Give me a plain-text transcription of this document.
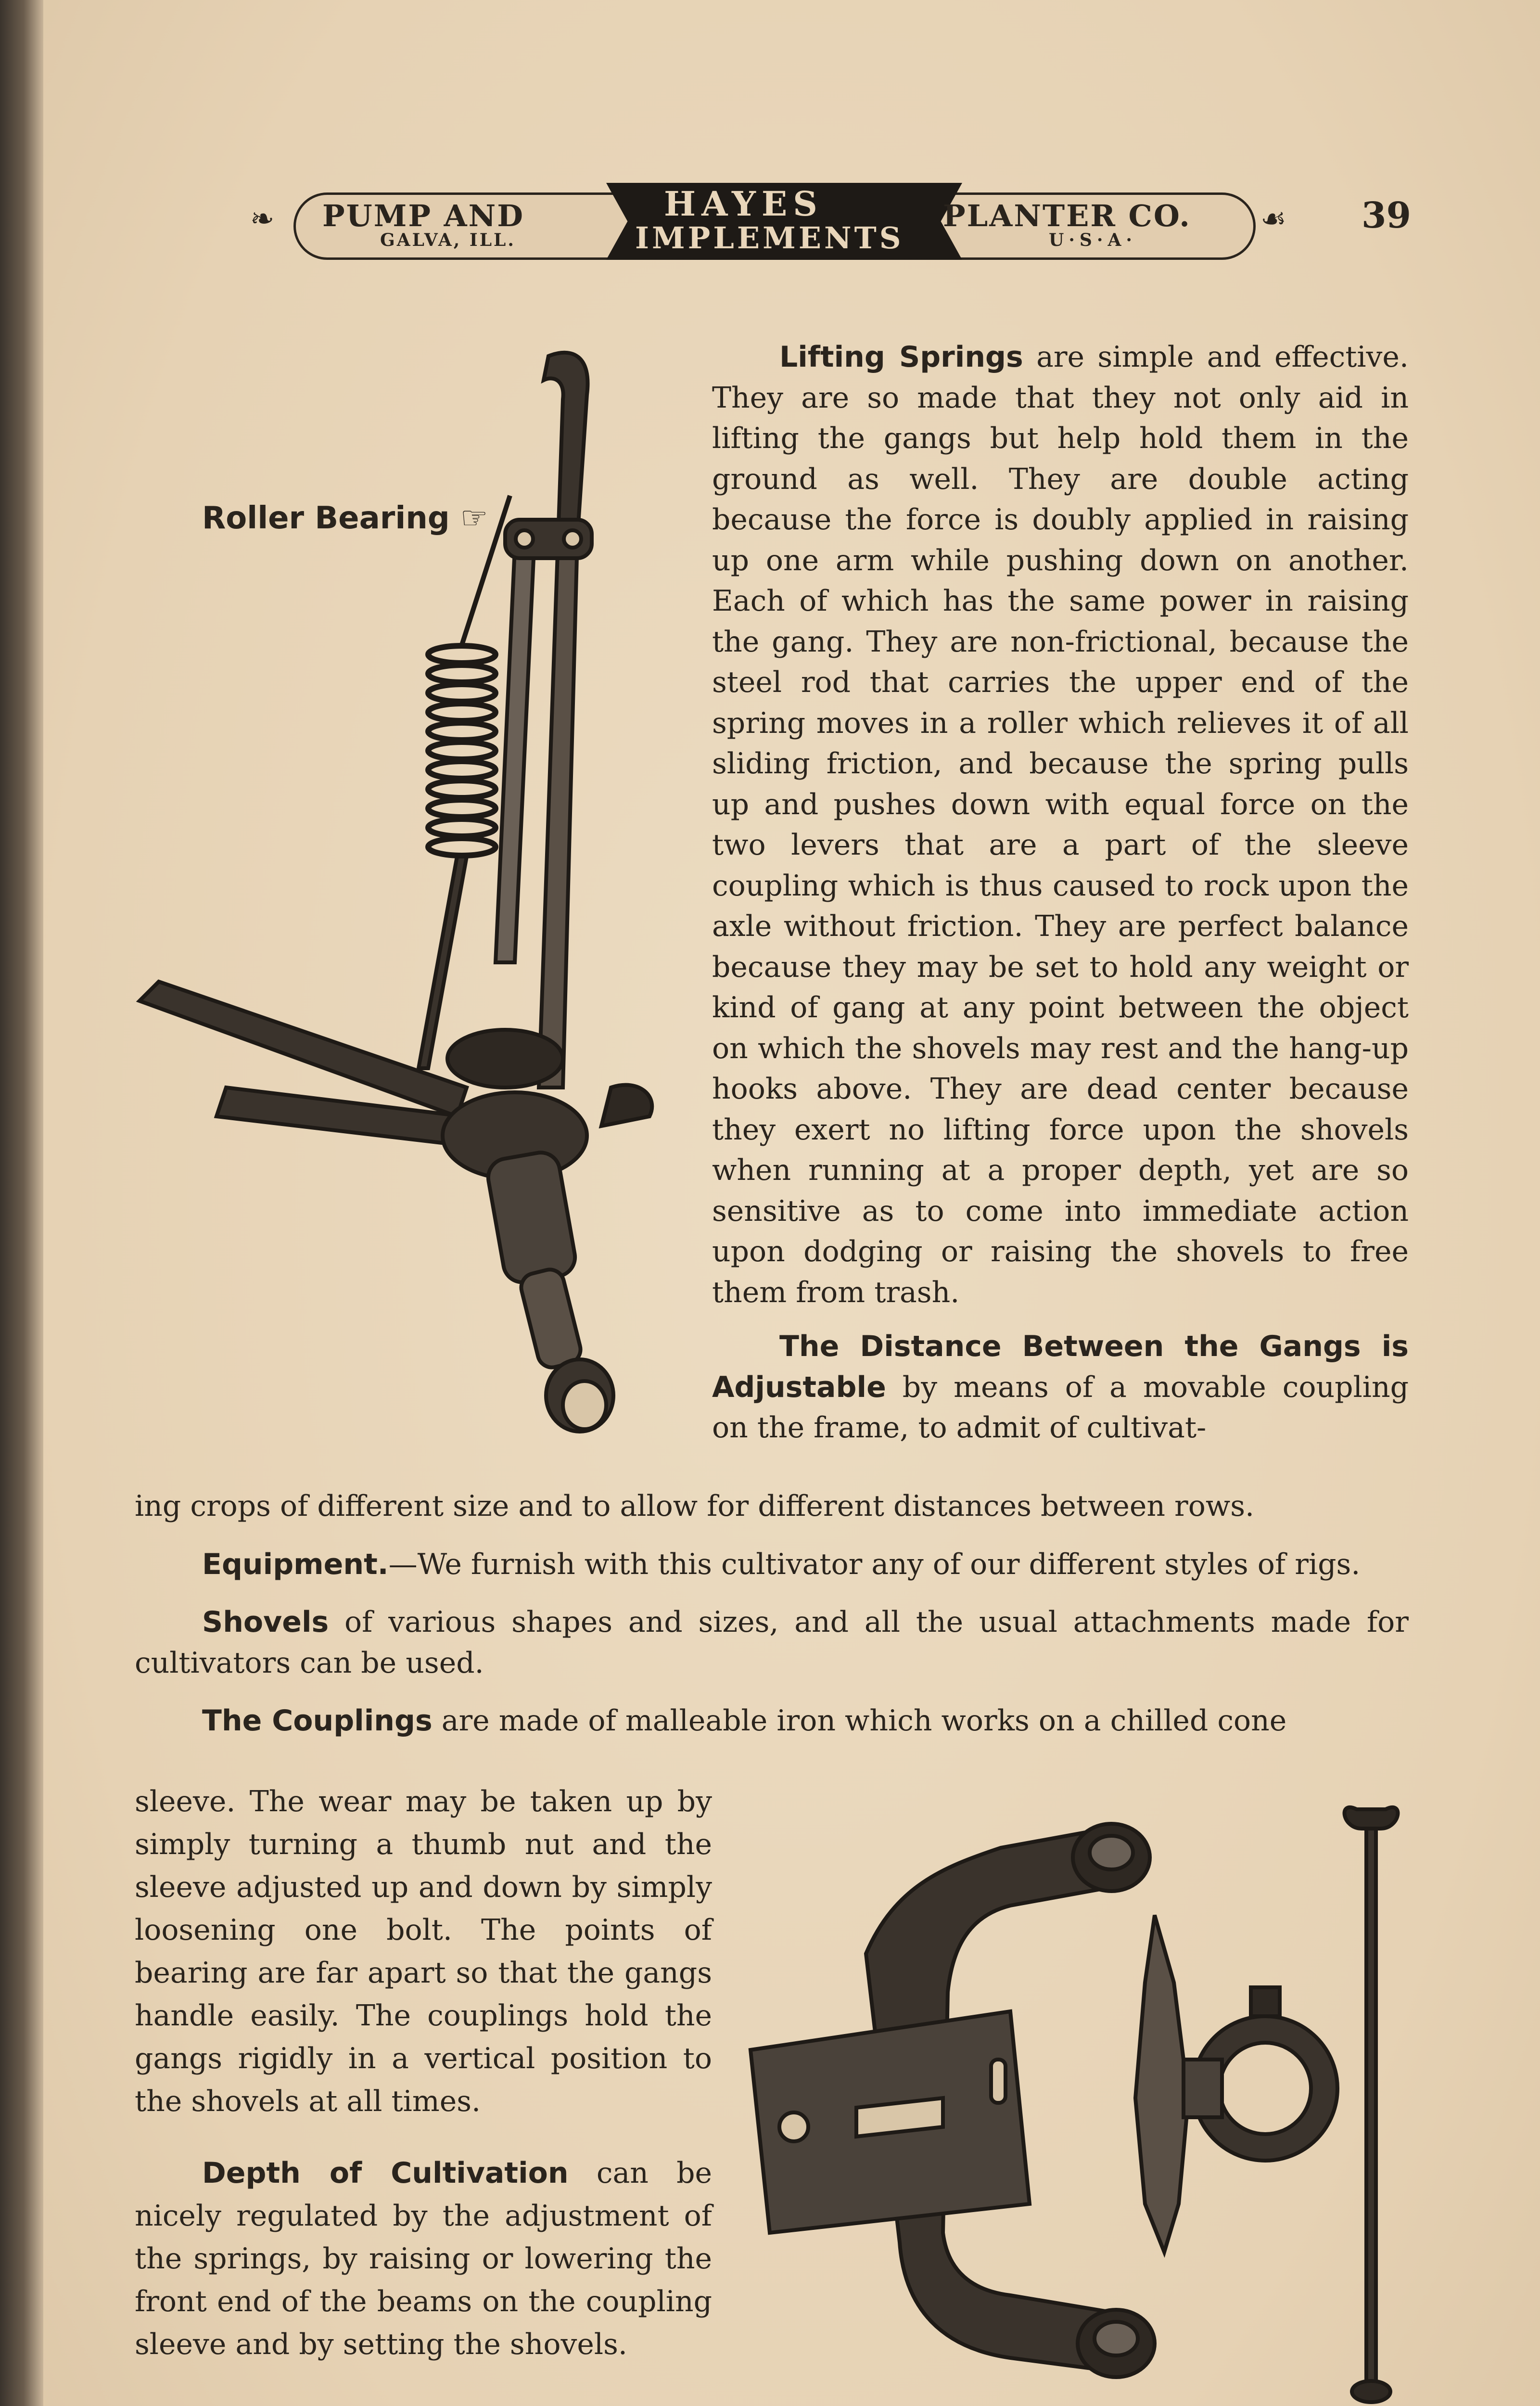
❧ PUMP AND
GALVA, ILL.
HAYES
IMPLEMENTS
PLANTER CO.
U·S·A·
☙ 39
Roller Bearing ☞

Lifting Springs are simple and effective. They are so made that they not only aid in lifting the gangs but help hold them in the ground as well. They are double acting because the force is doubly applied in raising up one arm while pushing down on another. Each of which has the same power in raising the gang. They are non-frictional, because the steel rod that carries the upper end of the spring moves in a roller which relieves it of all sliding friction, and because the spring pulls up and pushes down with equal force on the two levers that are a part of the sleeve coupling which is thus caused to rock upon the axle without friction. They are perfect balance because they may be set to hold any weight or kind of gang at any point between the object on which the shovels may rest and the hang-up hooks above. They are dead center because they exert no lifting force upon the shovels when running at a proper depth, yet are so sensitive as to come into immediate action upon dodging or raising the shovels to free them from trash.

The Distance Between the Gangs is Adjustable by means of a movable coupling on the frame, to admit of cultivat-

ing crops of different size and to allow for different distances between rows.

Equipment.—We furnish with this cultivator any of our different styles of rigs.

Shovels of various shapes and sizes, and all the usual attachments made for cultivators can be used.

The Couplings are made of malleable iron which works on a chilled cone

sleeve. The wear may be taken up by simply turning a thumb nut and the sleeve adjusted up and down by simply loosening one bolt. The points of bearing are far apart so that the gangs handle easily. The couplings hold the gangs rigidly in a vertical position to the shovels at all times.

Depth of Cultivation can be nicely regulated by the adjustment of the springs, by raising or lowering the front end of the beams on the coupling sleeve and by setting the shovels.
